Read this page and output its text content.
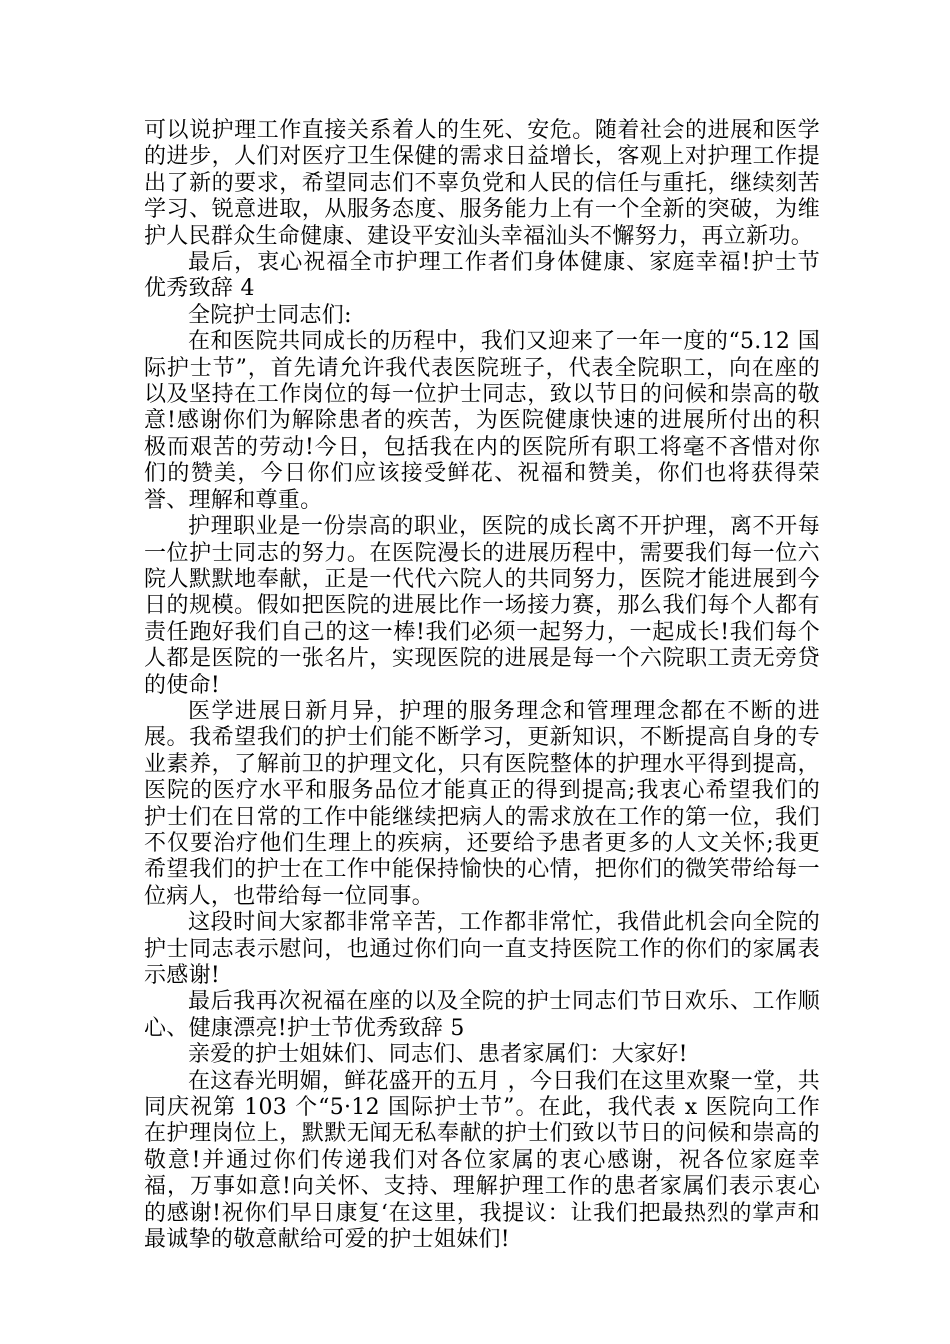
可以说护理工作直接关系着人的生死、安危。随着社会的进展和医学的进步，人们对医疗卫生保健的需求日益增长，客观上对护理工作提出了新的要求，希望同志们不辜负党和人民的信任与重托，继续刻苦学习、锐意进取，从服务态度、服务能力上有一个全新的突破，为维护人民群众生命健康、建设平安汕头幸福汕头不懈努力，再立新功。

最后，衷心祝福全市护理工作者们身体健康、家庭幸福!护士节优秀致辞 4

全院护士同志们:

在和医院共同成长的历程中，我们又迎来了一年一度的“5.12 国际护士节”，首先请允许我代表医院班子，代表全院职工，向在座的以及坚持在工作岗位的每一位护士同志，致以节日的问候和崇高的敬意!感谢你们为解除患者的疾苦，为医院健康快速的进展所付出的积极而艰苦的劳动!今日，包括我在内的医院所有职工将毫不吝惜对你们的赞美，今日你们应该接受鲜花、祝福和赞美，你们也将获得荣誉、理解和尊重。

护理职业是一份崇高的职业，医院的成长离不开护理，离不开每一位护士同志的努力。在医院漫长的进展历程中，需要我们每一位六院人默默地奉献，正是一代代六院人的共同努力，医院才能进展到今日的规模。假如把医院的进展比作一场接力赛，那么我们每个人都有责任跑好我们自己的这一棒!我们必须一起努力，一起成长!我们每个人都是医院的一张名片，实现医院的进展是每一个六院职工责无旁贷的使命!

医学进展日新月异，护理的服务理念和管理理念都在不断的进展。我希望我们的护士们能不断学习，更新知识，不断提高自身的专业素养，了解前卫的护理文化，只有医院整体的护理水平得到提高，医院的医疗水平和服务品位才能真正的得到提高;我衷心希望我们的护士们在日常的工作中能继续把病人的需求放在工作的第一位，我们不仅要治疗他们生理上的疾病，还要给予患者更多的人文关怀;我更希望我们的护士在工作中能保持愉快的心情，把你们的微笑带给每一位病人，也带给每一位同事。

这段时间大家都非常辛苦，工作都非常忙，我借此机会向全院的护士同志表示慰问，也通过你们向一直支持医院工作的你们的家属表示感谢!

最后我再次祝福在座的以及全院的护士同志们节日欢乐、工作顺心、健康漂亮!护士节优秀致辞 5

亲爱的护士姐妹们、同志们、患者家属们：大家好!

在这春光明媚，鲜花盛开的五月 ，今日我们在这里欢聚一堂，共同庆祝第 103 个“5·12 国际护士节”。在此，我代表 x 医院向工作在护理岗位上，默默无闻无私奉献的护士们致以节日的问候和崇高的敬意!并通过你们传递我们对各位家属的衷心感谢，祝各位家庭幸福，万事如意!向关怀、支持、理解护理工作的患者家属们表示衷心的感谢!祝你们早日康复‘在这里，我提议：让我们把最热烈的掌声和最诚挚的敬意献给可爱的护士姐妹们!
